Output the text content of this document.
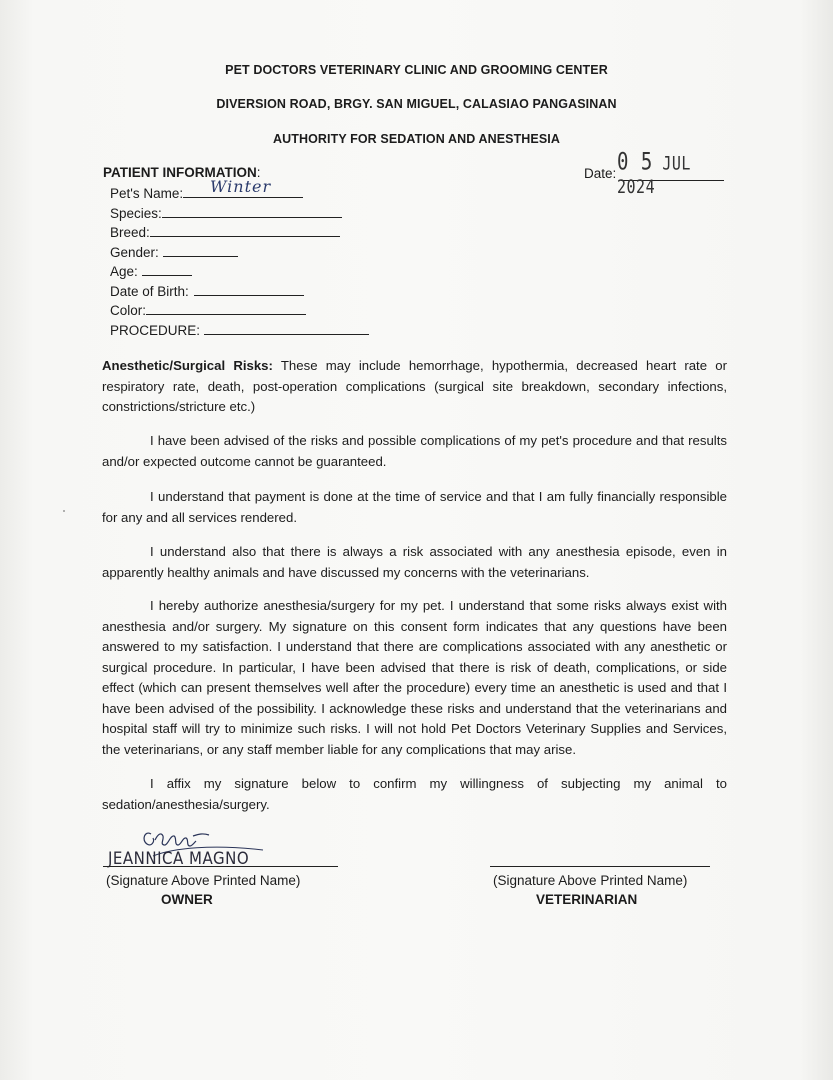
PET DOCTORS VETERINARY CLINIC AND GROOMING CENTER
DIVERSION ROAD, BRGY. SAN MIGUEL, CALASIAO PANGASINAN
AUTHORITY FOR SEDATION AND ANESTHESIA
PATIENT INFORMATION:	Date: 0 5 JUL 2024
Pet's Name:	Winter
Species:
Breed:
Gender:
Age:
Date of Birth:
Color:
PROCEDURE:
Anesthetic/Surgical Risks: These may include hemorrhage, hypothermia, decreased heart rate or respiratory rate, death, post-operation complications (surgical site breakdown, secondary infections, constrictions/stricture etc.)
I have been advised of the risks and possible complications of my pet's procedure and that results and/or expected outcome cannot be guaranteed.
I understand that payment is done at the time of service and that I am fully financially responsible for any and all services rendered.
I understand also that there is always a risk associated with any anesthesia episode, even in apparently healthy animals and have discussed my concerns with the veterinarians.
I hereby authorize anesthesia/surgery for my pet. I understand that some risks always exist with anesthesia and/or surgery. My signature on this consent form indicates that any questions have been answered to my satisfaction. I understand that there are complications associated with any anesthetic or surgical procedure. In particular, I have been advised that there is risk of death, complications, or side effect (which can present themselves well after the procedure) every time an anesthetic is used and that I have been advised of the possibility. I acknowledge these risks and understand that the veterinarians and hospital staff will try to minimize such risks. I will not hold Pet Doctors Veterinary Supplies and Services, the veterinarians, or any staff member liable for any complications that may arise.
I affix my signature below to confirm my willingness of subjecting my animal to sedation/anesthesia/surgery.
JEANNICA MAGNO
(Signature Above Printed Name)
OWNER
(Signature Above Printed Name)
VETERINARIAN
